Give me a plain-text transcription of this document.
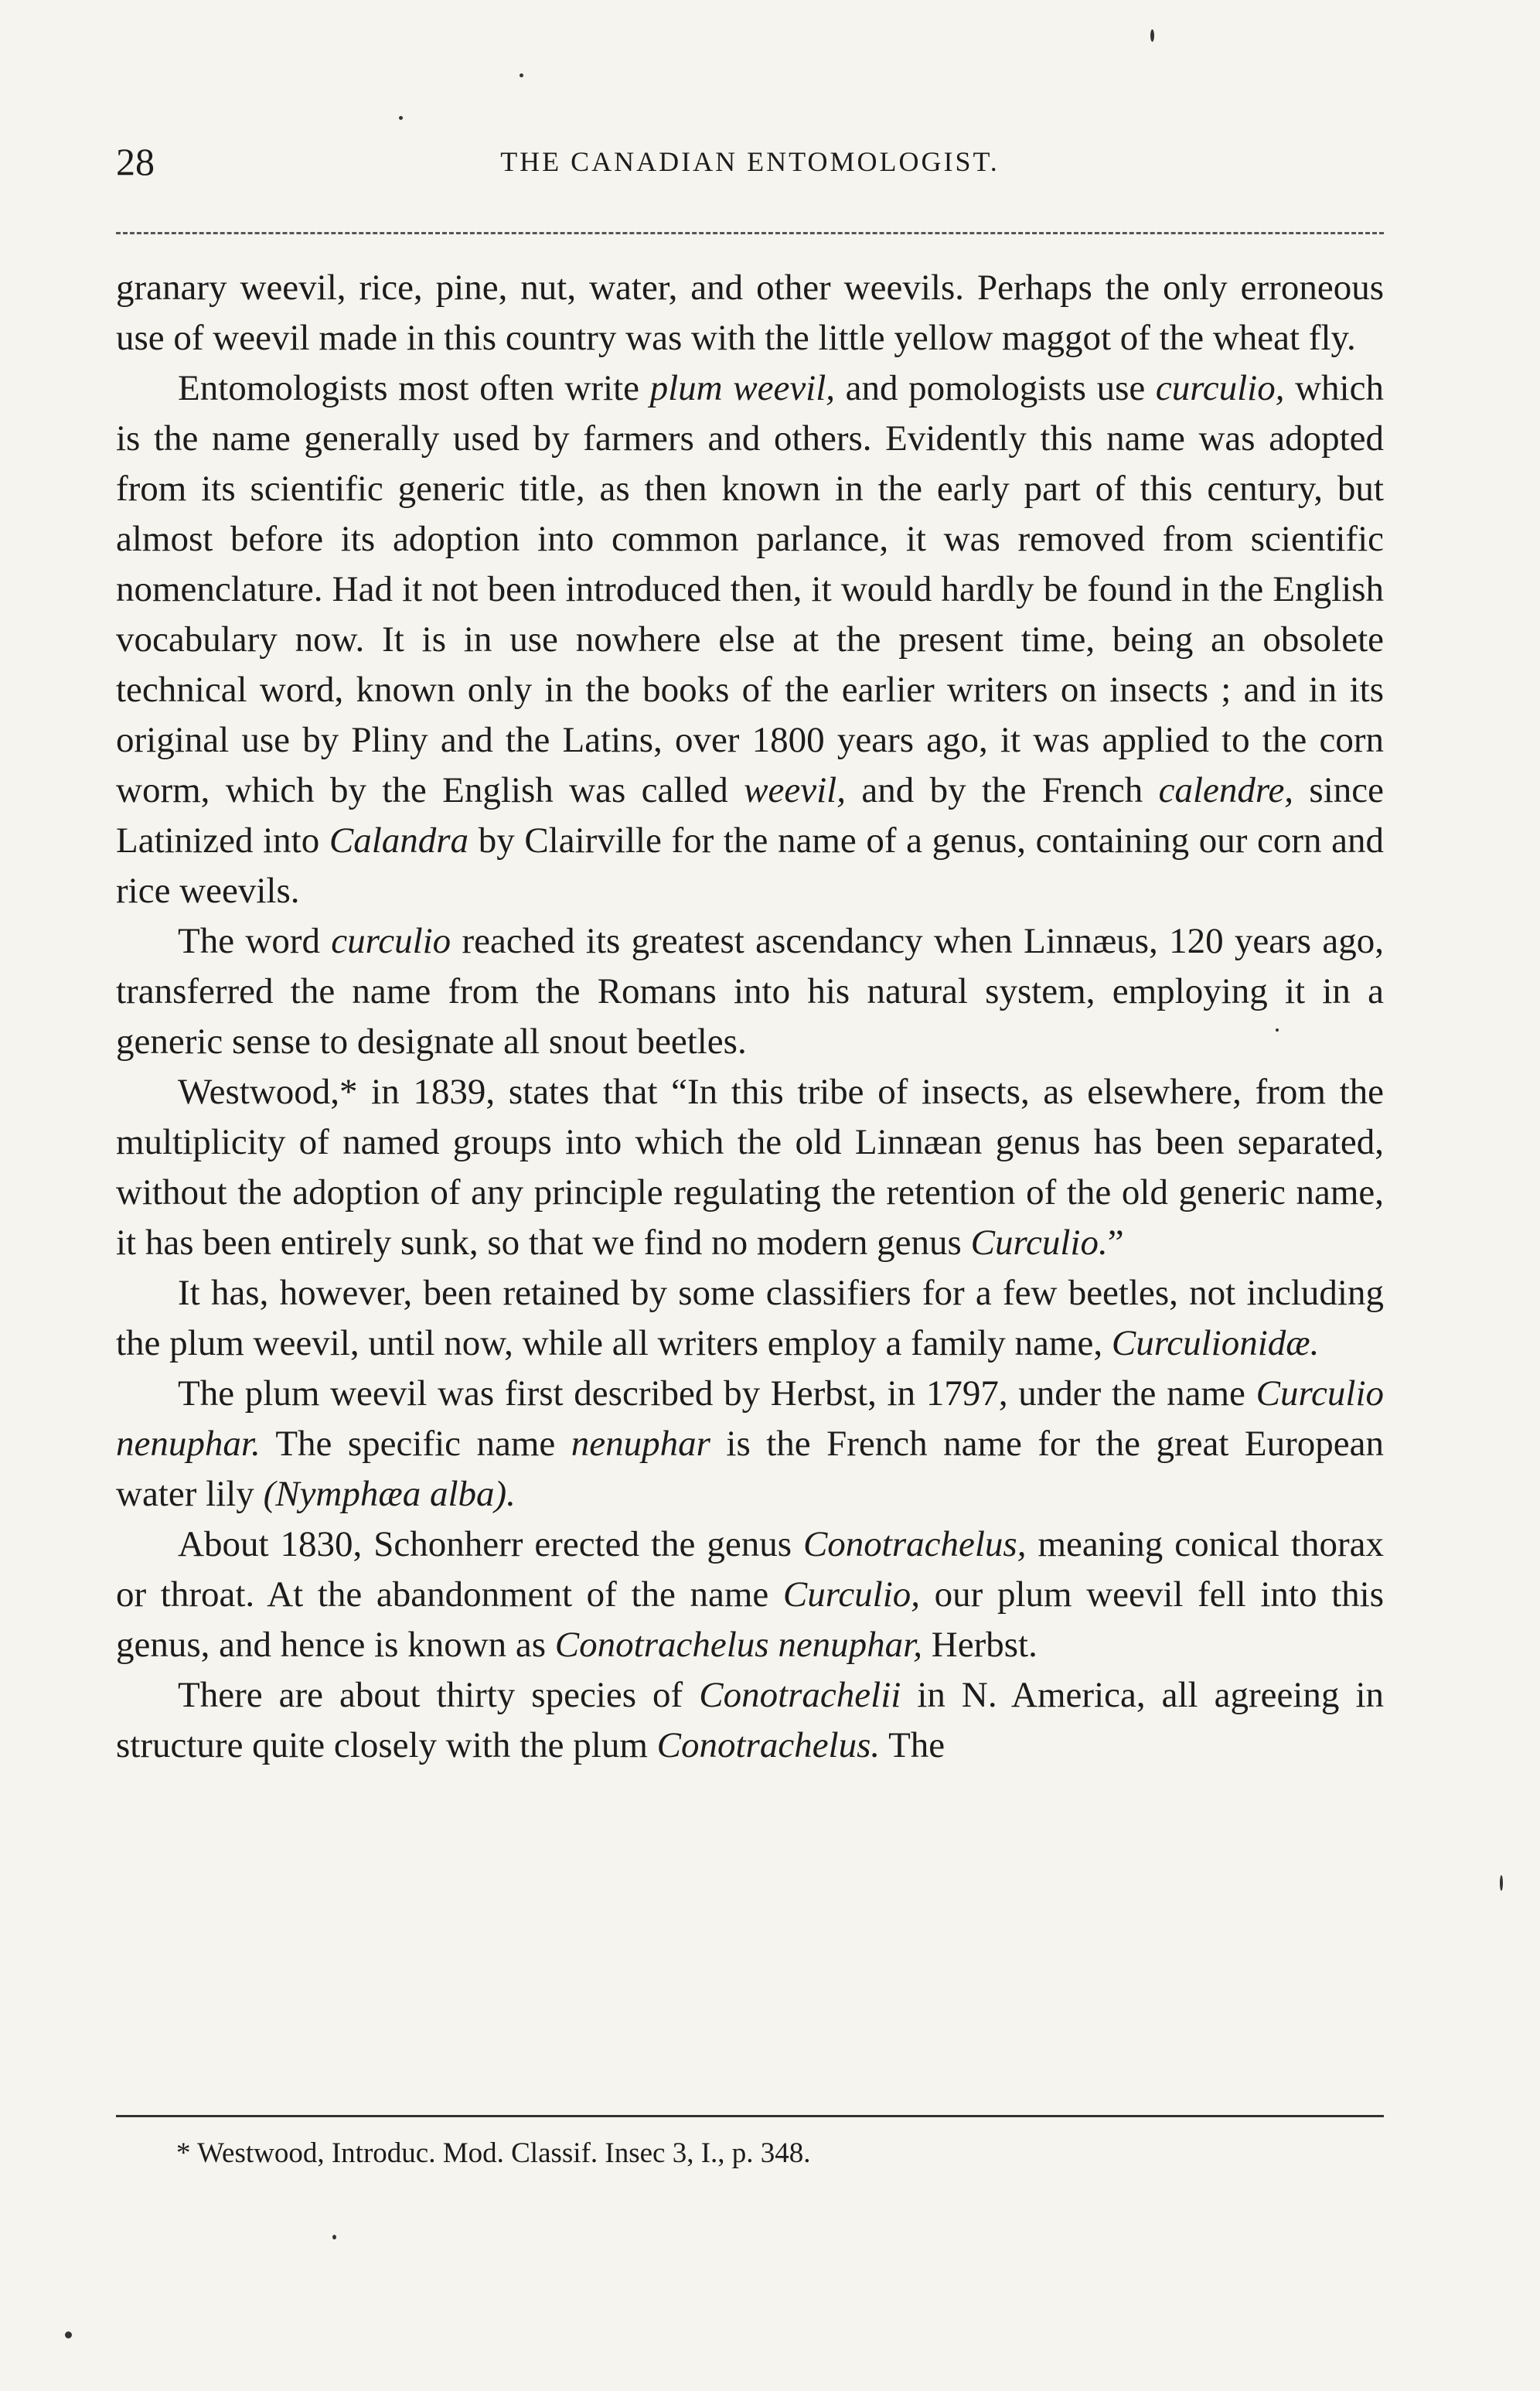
28	THE CANADIAN ENTOMOLOGIST.

granary weevil, rice, pine, nut, water, and other weevils. Perhaps the only erroneous use of weevil made in this country was with the little yellow maggot of the wheat fly.

Entomologists most often write plum weevil, and pomologists use curculio, which is the name generally used by farmers and others. Evidently this name was adopted from its scientific generic title, as then known in the early part of this century, but almost before its adoption into common parlance, it was removed from scientific nomenclature. Had it not been introduced then, it would hardly be found in the English vocabulary now. It is in use nowhere else at the present time, being an obsolete technical word, known only in the books of the earlier writers on insects ; and in its original use by Pliny and the Latins, over 1800 years ago, it was applied to the corn worm, which by the English was called weevil, and by the French calendre, since Latinized into Calandra by Clairville for the name of a genus, containing our corn and rice weevils.

The word curculio reached its greatest ascendancy when Linnæus, 120 years ago, transferred the name from the Romans into his natural system, employing it in a generic sense to designate all snout beetles.

Westwood,* in 1839, states that “In this tribe of insects, as elsewhere, from the multiplicity of named groups into which the old Linnæan genus has been separated, without the adoption of any principle regulating the retention of the old generic name, it has been entirely sunk, so that we find no modern genus Curculio.”

It has, however, been retained by some classifiers for a few beetles, not including the plum weevil, until now, while all writers employ a family name, Curculionidæ.

The plum weevil was first described by Herbst, in 1797, under the name Curculio nenuphar. The specific name nenuphar is the French name for the great European water lily (Nymphæa alba).

About 1830, Schonherr erected the genus Conotrachelus, meaning conical thorax or throat. At the abandonment of the name Curculio, our plum weevil fell into this genus, and hence is known as Conotrachelus nenuphar, Herbst.

There are about thirty species of Conotrachelii in N. America, all agreeing in structure quite closely with the plum Conotrachelus. The

* Westwood, Introduc. Mod. Classif. Insec 3, I., p. 348.
